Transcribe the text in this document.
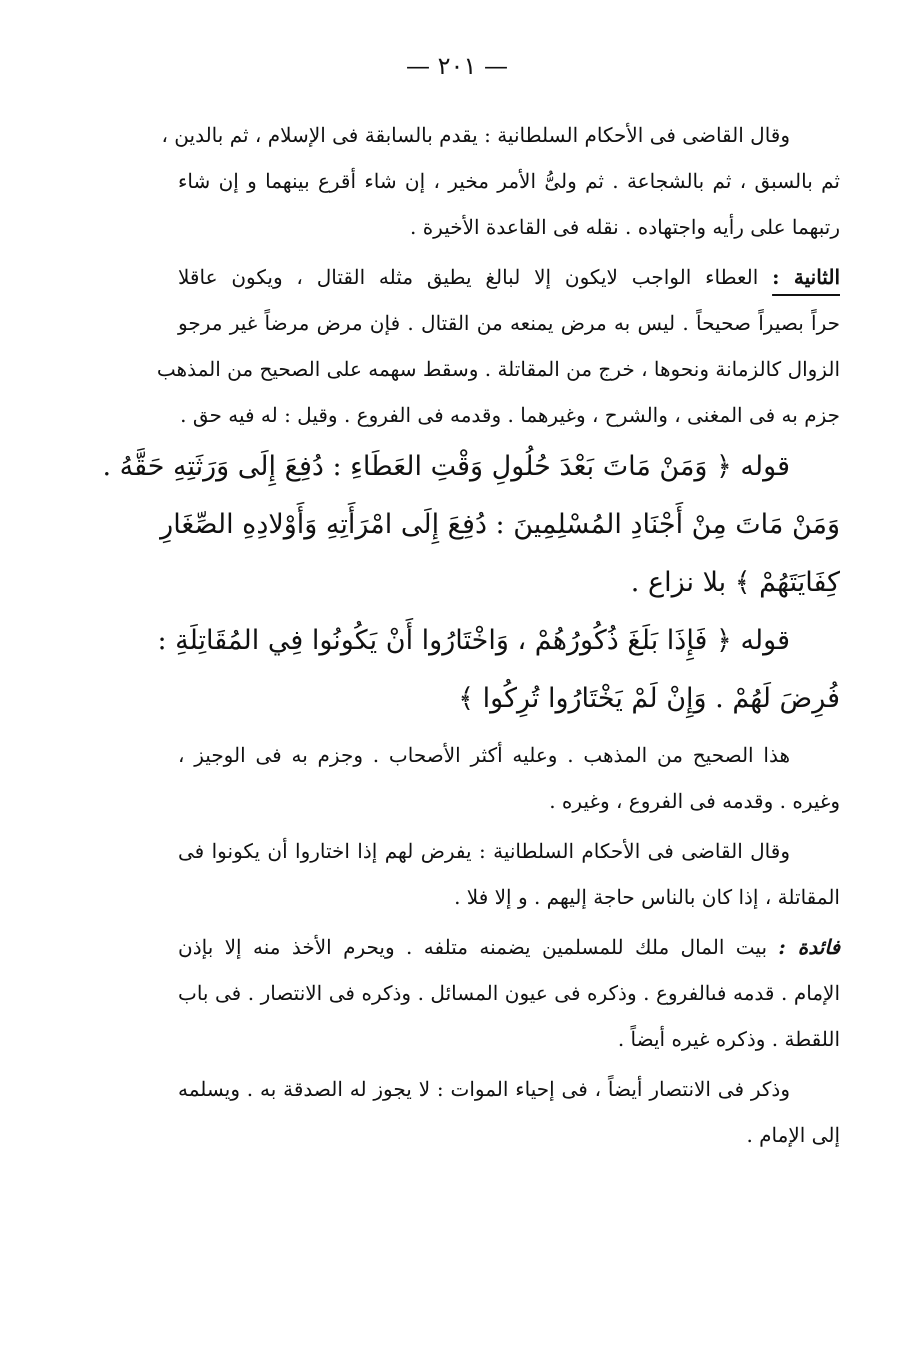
— ٢٠١ —
وقال القاضى فى الأحكام السلطانية : يقدم بالسابقة فى الإسلام ، ثم بالدين ،
ثم بالسبق ، ثم بالشجاعة . ثم ولىُّ الأمر مخير ، إن شاء أقرع بينهما و إن شاء
رتبهما على رأيه واجتهاده . نقله فى القاعدة الأخيرة .
الثانية : العطاء الواجب لايكون إلا لبالغ يطيق مثله القتال ، ويكون عاقلا
حراً بصيراً صحيحاً . ليس به مرض يمنعه من القتال . فإن مرض مرضاً غير مرجو
الزوال كالزمانة ونحوها ، خرج من المقاتلة . وسقط سهمه على الصحيح من المذهب
جزم به فى المغنى ، والشرح ، وغيرهما . وقدمه فى الفروع . وقيل : له فيه حق .
قوله ﴿ وَمَنْ مَاتَ بَعْدَ حُلُولِ وَقْتِ العَطَاءِ : دُفِعَ إِلَى وَرَثَتِهِ حَقَّهُ .
وَمَنْ مَاتَ مِنْ أَجْنَادِ المُسْلِمِينَ : دُفِعَ إِلَى امْرَأَتِهِ وَأَوْلادِهِ الصِّغَارِ
كِفَايَتَهُمْ ﴾ بلا نزاع .
قوله ﴿ فَإِذَا بَلَغَ ذُكُورُهُمْ ، وَاخْتَارُوا أَنْ يَكُونُوا فِي المُقَاتِلَةِ :
فُرِضَ لَهُمْ . وَإِنْ لَمْ يَخْتَارُوا تُرِكُوا ﴾
هذا الصحيح من المذهب . وعليه أكثر الأصحاب . وجزم به فى الوجيز ،
وغيره . وقدمه فى الفروع ، وغيره .
وقال القاضى فى الأحكام السلطانية : يفرض لهم إذا اختاروا أن يكونوا فى
المقاتلة ، إذا كان بالناس حاجة إليهم . و إلا فلا .
فائدة : بيت المال ملك للمسلمين يضمنه متلفه . ويحرم الأخذ منه إلا بإذن
الإمام . قدمه فىالفروع . وذكره فى عيون المسائل . وذكره فى الانتصار . فى باب
اللقطة . وذكره غيره أيضاً .
وذكر فى الانتصار أيضاً ، فى إحياء الموات : لا يجوز له الصدقة به . ويسلمه
إلى الإمام .
